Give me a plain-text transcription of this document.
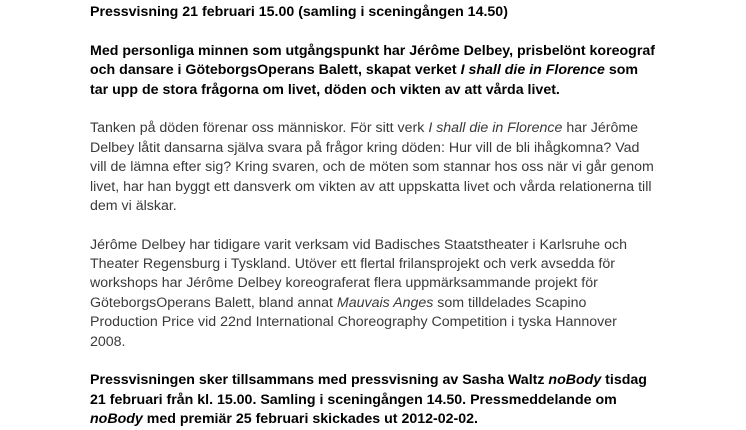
Pressvisning 21 februari 15.00 (samling i sceningången 14.50)
Med personliga minnen som utgångspunkt har Jérôme Delbey, prisbelönt koreograf
och dansare i GöteborgsOperans Balett, skapat verket I shall die in Florence som
tar upp de stora frågorna om livet, döden och vikten av att vårda livet.
Tanken på döden förenar oss människor. För sitt verk I shall die in Florence har Jérôme
Delbey låtit dansarna själva svara på frågor kring döden: Hur vill de bli ihågkomna? Vad
vill de lämna efter sig? Kring svaren, och de möten som stannar hos oss när vi går genom
livet, har han byggt ett dansverk om vikten av att uppskatta livet och vårda relationerna till
dem vi älskar.
Jérôme Delbey har tidigare varit verksam vid Badisches Staatstheater i Karlsruhe och
Theater Regensburg i Tyskland. Utöver ett flertal frilansprojekt och verk avsedda för
workshops har Jérôme Delbey koreograferat flera uppmärksammande projekt för
GöteborgsOperans Balett, bland annat Mauvais Anges som tilldelades Scapino
Production Price vid 22nd International Choreography Competition i tyska Hannover
2008.
Pressvisningen sker tillsammans med pressvisning av Sasha Waltz noBody tisdag
21 februari från kl. 15.00. Samling i sceningången 14.50. Pressmeddelande om
noBody med premiär 25 februari skickades ut 2012-02-02.
